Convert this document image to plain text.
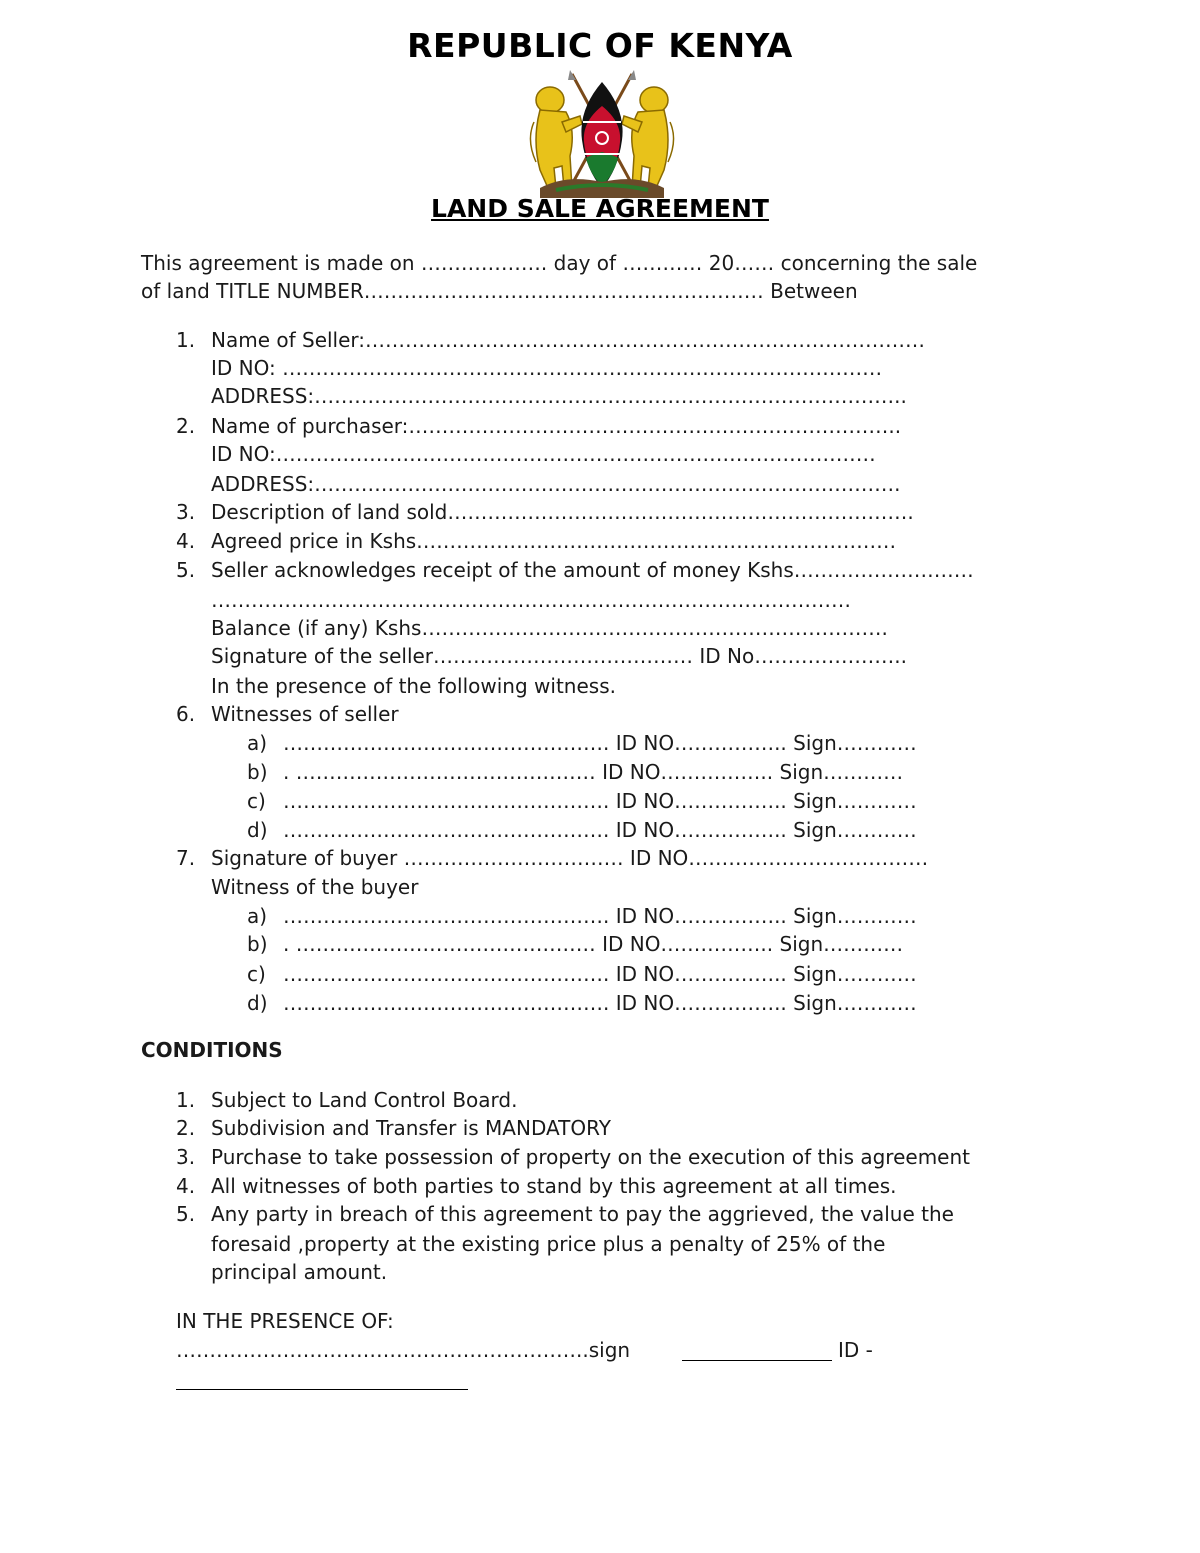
REPUBLIC OF KENYA
LAND SALE AGREEMENT
This agreement is made on ………………. day of ………… 20…… concerning the sale
of land TITLE NUMBER…………………………………………………… Between
1. Name of Seller:…………………………………………………………………………
ID NO: ………………………………………………………………………………
ADDRESS:……………………………………………………………………………..
2. Name of purchaser:………………………………………………………………..
ID NO:………………………………………………………………………………
ADDRESS:…………………………………………………………………………….
3. Description of land sold…………………………………………………………….
4. Agreed price in Kshs………………………………………………………………
5. Seller acknowledges receipt of the amount of money Kshs………………………
……………………………………………………………………………………
Balance (if any) Kshs…………………………………………………………….
Signature of the seller………………………………… ID No…………………..
In the presence of the following witness.
6. Witnesses of seller
a) …………………………………………. ID NO…………….. Sign…………
b) . ……………………………………… ID NO…………….. Sign…………
c) …………………………………………. ID NO…………….. Sign…………
d) …………………………………………. ID NO…………….. Sign…………
7. Signature of buyer …………………………… ID NO………………………………
Witness of the buyer
a) …………………………………………. ID NO…………….. Sign…………
b) . ……………………………………… ID NO…………….. Sign…………
c) …………………………………………. ID NO…………….. Sign…………
d) …………………………………………. ID NO…………….. Sign…………
CONDITIONS
1. Subject to Land Control Board.
2. Subdivision and Transfer is MANDATORY
3. Purchase to take possession of property on the execution of this agreement
4. All witnesses of both parties to stand by this agreement at all times.
5. Any party in breach of this agreement to pay the aggrieved, the value the
foresaid ,property at the existing price plus a penalty of 25% of the
principal amount.
IN THE PRESENCE OF:
……………………………………………………..sign	ID -
